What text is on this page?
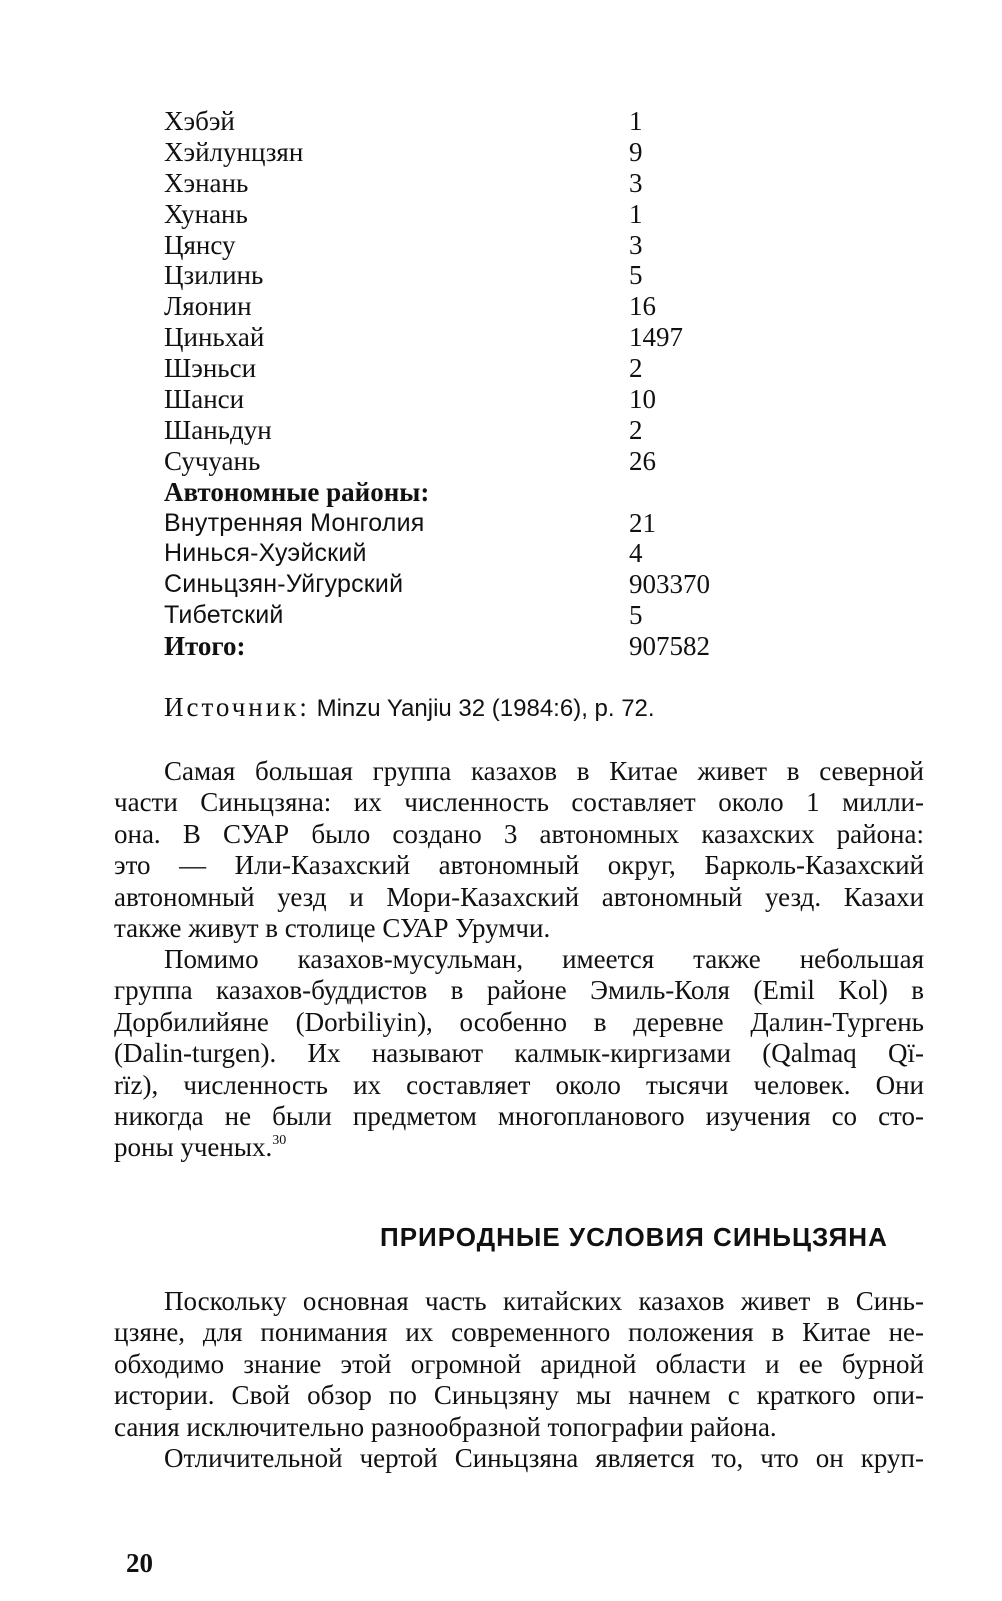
Хэбэй	1
Хэйлунцзян	9
Хэнань	3
Хунань	1
Цянсу	3
Цзилинь	5
Ляонин	16
Циньхай	1497
Шэньси	2
Шанси	10
Шаньдун	2
Сучуань	26
Автономные районы:
Внутренняя Монголия	21
Нинься-Хуэйский	4
Синьцзян-Уйгурский	903370
Тибетский	5
Итого:	907582
Источник: Minzu Yanjiu 32 (1984:6), p. 72.

Самая большая группа казахов в Китае живет в северной
части Синьцзяна: их численность составляет около 1 милли-
она. В СУАР было создано 3 автономных казахских района:
это — Или-Казахский автономный округ, Барколь-Казахский
автономный уезд и Мори-Казахский автономный уезд. Казахи
также живут в столице СУАР Урумчи.

Помимо казахов-мусульман, имеется также небольшая
группа казахов-буддистов в районе Эмиль-Коля (Emil Kol) в
Дорбилийяне (Dorbiliyin), особенно в деревне Далин-Тургень
(Dalin-turgen). Их называют калмык-киргизами (Qalmaq Qï-
rïz), численность их составляет около тысячи человек. Они
никогда не были предметом многопланового изучения со сто-
роны ученых.$^{30}$

ПРИРОДНЫЕ УСЛОВИЯ СИНЬЦЗЯНА

Поскольку основная часть китайских казахов живет в Синь-
цзяне, для понимания их современного положения в Китае не-
обходимо знание этой огромной аридной области и ее бурной
истории. Свой обзор по Синьцзяну мы начнем с краткого опи-
сания исключительно разнообразной топографии района.

Отличительной чертой Синьцзяна является то, что он круп-

20
